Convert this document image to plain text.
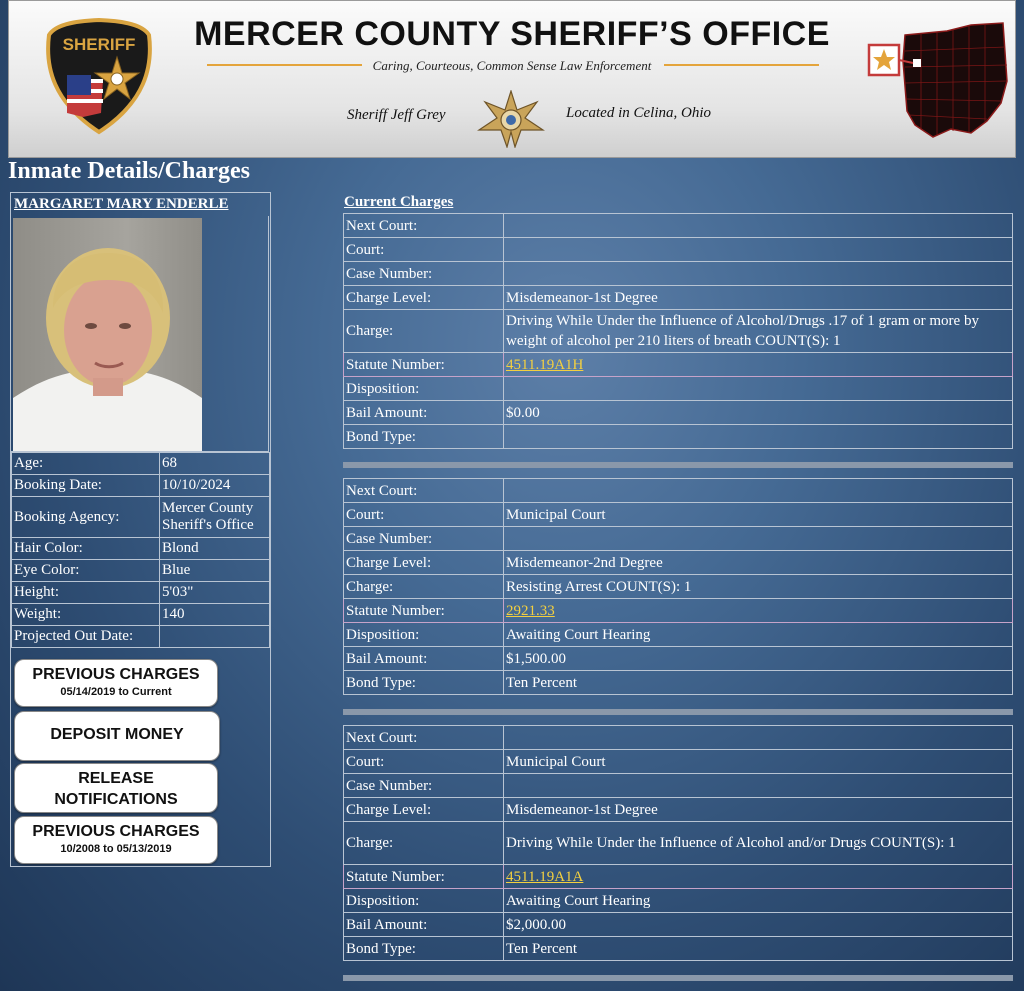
SHERIFF	MERCER COUNTY SHERIFF’S OFFICE
Caring, Courteous, Common Sense Law Enforcement
Sheriff Jeff Grey	Located in Celina, Ohio
Inmate Details/Charges
MARGARET MARY ENDERLE
Age:	68
Booking Date:	10/10/2024
Booking Agency:	Mercer County Sheriff's Office
Hair Color:	Blond
Eye Color:	Blue
Height:	5'03"
Weight:	140
Projected Out Date:	
PREVIOUS CHARGES
05/14/2019 to Current
DEPOSIT MONEY
RELEASE
NOTIFICATIONS
PREVIOUS CHARGES
10/2008 to 05/13/2019
Current Charges
Next Court:	
Court:	
Case Number:	
Charge Level:	Misdemeanor-1st Degree
Charge:	Driving While Under the Influence of Alcohol/Drugs .17 of 1 gram or more by weight of alcohol per 210 liters of breath COUNT(S): 1
Statute Number:	4511.19A1H
Disposition:	
Bail Amount:	$0.00
Bond Type:	
Next Court:	
Court:	Municipal Court
Case Number:	
Charge Level:	Misdemeanor-2nd Degree
Charge:	Resisting Arrest COUNT(S): 1
Statute Number:	2921.33
Disposition:	Awaiting Court Hearing
Bail Amount:	$1,500.00
Bond Type:	Ten Percent
Next Court:	
Court:	Municipal Court
Case Number:	
Charge Level:	Misdemeanor-1st Degree
Charge:	Driving While Under the Influence of Alcohol and/or Drugs COUNT(S): 1
Statute Number:	4511.19A1A
Disposition:	Awaiting Court Hearing
Bail Amount:	$2,000.00
Bond Type:	Ten Percent
